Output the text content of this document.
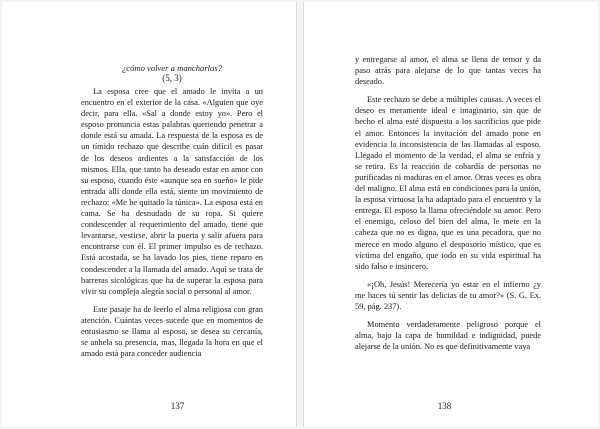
¿cómo volver a mancharlos?
(5, 3)

La esposa cree que el amado le invita a un encuentro en el exterior de la casa. «Alguien que oye decir, para ella. «Sal a donde estoy yo». Pero el esposo pronuncia estas palabras queriendo penetrar a donde está su amada. La respuesta de la esposa es de un tímido rechazo que describe cuán difícil es pasar de los deseos ardientes a la satisfacción de los mismos. Ella, que tanto ha deseado estar en amor con su esposo, cuando éste «aunque sea en sueño» le pide entrada allí donde ella está, siente un movimiento de rechazo: «Me he quitado la túnica». La esposa está en cama. Se ha desnudado de su ropa. Si quiere condescender al requerimiento del amado, tiene que levantarse, vestirse, abrir la puerta y salir afuera para encontrarse con él. El primer impulso es de rechazo. Está acostada, se ha lavado los pies, tiene reparo en condescender a la llamada del amado. Aquí se trata de barreras sicológicas que ha de superar la esposa para vivir su compleja alegría social o personal al amor.

Este pasaje ha de leerlo el alma religiosa con gran atención. Cuántas veces sucede que en momentos de entusiasmo se llama al esposo, se desea su cercanía, se anhela su presencia, mas, llegada la hora en que el amado está para conceder audiencia

137

y entregarse al amor, el alma se llena de temor y da paso atrás para alejarse de lo que tantas veces ha deseado.

Este rechazo se debe a múltiples causas. A veces el deseo es meramente ideal e imaginario, sin que de hecho el alma esté dispuesta a los sacrificios que pide el amor. Entonces la invitación del amado pone en evidencia la inconsistencia de las llamadas al esposo. Llegado el momento de la verdad, el alma se enfría y se retira. Es la reacción de cobardía de personas no purificadas ni maduras en el amor. Otras veces es obra del maligno. El alma está en condiciones para la unión, la esposa virtuosa la ha adaptado para el encuentro y la entrega. El esposo la llama ofreciéndole su amor. Pero el enemigo, celoso del bien del alma, le mete en la cabeza que no es digna, que es una pecadora, que no merece en modo alguno el desposorio místico, que es víctima del engaño, que todo en su vida espiritual ha sido falso e insincero.

«¡Oh, Jesús! Merecería yo estar en el infierno ¿y me haces tú sentir las delicias de tu amor?» (S. G. Ex. 59, pág. 237).

Momento verdaderamente peligroso porque el alma, bajo la capa de humildad e indignidad, puede alejarse de la unión. No es que definitivamente vaya

138
